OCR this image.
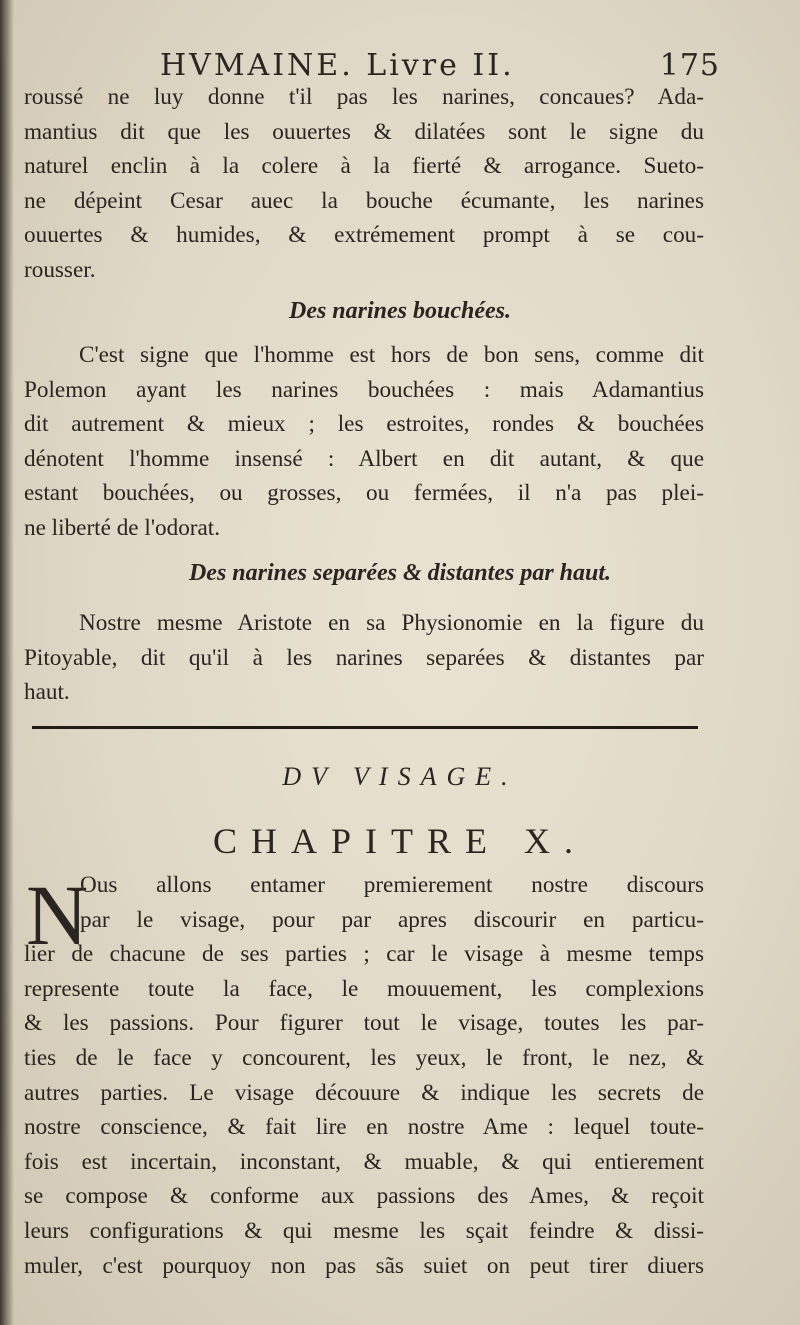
HVMAINE. Livre II.	175
roussé ne luy donne t'il pas les narines, concaues? Ada-
mantius dit que les ouuertes & dilatées sont le signe du
naturel enclin à la colere à la fierté & arrogance. Sueto-
ne dépeint Cesar auec la bouche écumante, les narines
ouuertes & humides, & extrémement prompt à se cou-
rousser.
Des narines bouchées.
C'est signe que l'homme est hors de bon sens, comme dit
Polemon ayant les narines bouchées : mais Adamantius
dit autrement & mieux ; les estroites, rondes & bouchées
dénotent l'homme insensé : Albert en dit autant, & que
estant bouchées, ou grosses, ou fermées, il n'a pas plei-
ne liberté de l'odorat.
Des narines separées & distantes par haut.
Nostre mesme Aristote en sa Physionomie en la figure du
Pitoyable, dit qu'il à les narines separées & distantes par
haut.
DV VISAGE.
CHAPITRE X.
N
Ous allons entamer premierement nostre discours
par le visage, pour par apres discourir en particu-
lier de chacune de ses parties ; car le visage à mesme temps
represente toute la face, le mouuement, les complexions
& les passions. Pour figurer tout le visage, toutes les par-
ties de le face y concourent, les yeux, le front, le nez, &
autres parties. Le visage découure & indique les secrets de
nostre conscience, & fait lire en nostre Ame : lequel toute-
fois est incertain, inconstant, & muable, & qui entierement
se compose & conforme aux passions des Ames, & reçoit
leurs configurations & qui mesme les sçait feindre & dissi-
muler, c'est pourquoy non pas sãs suiet on peut tirer diuers
